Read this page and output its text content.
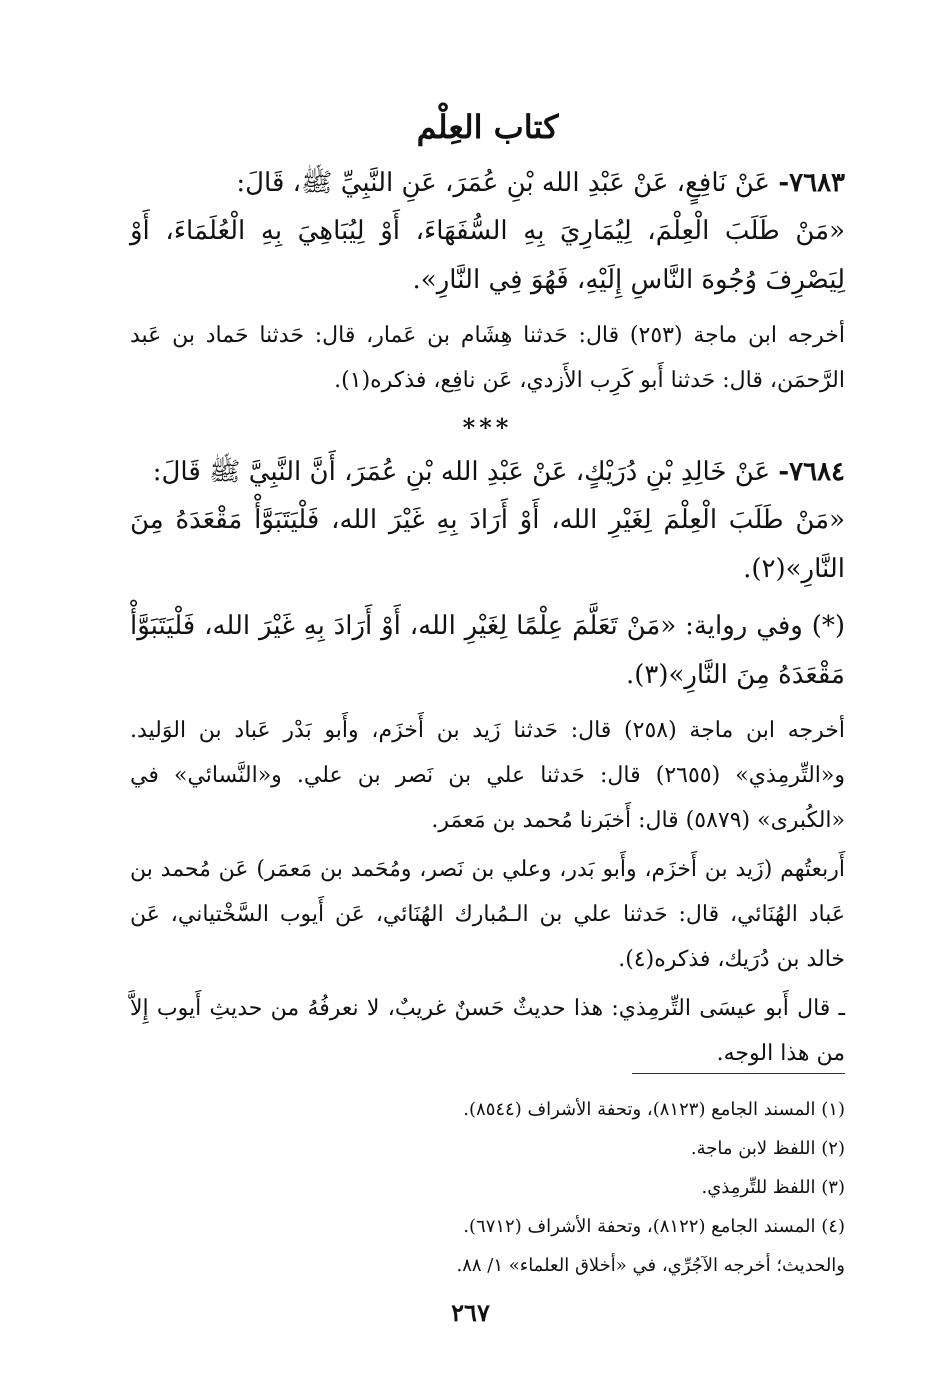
كتاب العِلْم

٧٦٨٣- عَنْ نَافِعٍ، عَنْ عَبْدِ الله بْنِ عُمَرَ، عَنِ النَّبِيِّ ﷺ، قَالَ:

«مَنْ طَلَبَ الْعِلْمَ، لِيُمَارِيَ بِهِ السُّفَهَاءَ، أَوْ لِيُبَاهِيَ بِهِ الْعُلَمَاءَ، أَوْ لِيَصْرِفَ وُجُوهَ النَّاسِ إِلَيْهِ، فَهُوَ فِي النَّارِ».

أخرجه ابن ماجة (٢٥٣) قال: حَدثنا هِشَام بن عَمار، قال: حَدثنا حَماد بن عَبد الرَّحمَن، قال: حَدثنا أَبو كَرِب الأَزدي، عَن نافِع، فذكره(١).

***

٧٦٨٤- عَنْ خَالِدِ بْنِ دُرَيْكٍ، عَنْ عَبْدِ الله بْنِ عُمَرَ، أَنَّ النَّبِيَّ ﷺ قَالَ:

«مَنْ طَلَبَ الْعِلْمَ لِغَيْرِ الله، أَوْ أَرَادَ بِهِ غَيْرَ الله، فَلْيَتَبَوَّأْ مَقْعَدَهُ مِنَ النَّارِ»(٢).

(*) وفي رواية: «مَنْ تَعَلَّمَ عِلْمًا لِغَيْرِ الله، أَوْ أَرَادَ بِهِ غَيْرَ الله، فَلْيَتَبَوَّأْ مَقْعَدَهُ مِنَ النَّارِ»(٣).

أخرجه ابن ماجة (٢٥٨) قال: حَدثنا زَيد بن أَخزَم، وأَبو بَدْر عَباد بن الوَليد. و«التِّرمِذي» (٢٦٥٥) قال: حَدثنا علي بن نَصر بن علي. و«النَّسائي» في «الكُبرى» (٥٨٧٩) قال: أَخبَرنا مُحمد بن مَعمَر.

أَربعتُهم (زَيد بن أَخزَم، وأَبو بَدر، وعلي بن نَصر، ومُحَمد بن مَعمَر) عَن مُحمد بن عَباد الهُنَائي، قال: حَدثنا علي بن الـمُبارك الهُنَائي، عَن أَيوب السَّخْتياني، عَن خالد بن دُرَيك، فذكره(٤).

ـ قال أَبو عيسَى التِّرمِذي: هذا حديثٌ حَسنٌ غريبٌ، لا نعرفُهُ من حديثِ أَيوب إِلاَّ من هذا الوجه.

(١) المسند الجامع (٨١٢٣)، وتحفة الأشراف (٨٥٤٤).

(٢) اللفظ لابن ماجة.

(٣) اللفظ للتِّرمِذي.

(٤) المسند الجامع (٨١٢٢)، وتحفة الأشراف (٦٧١٢).

والحديث؛ أخرجه الآجُرِّي، في «أخلاق العلماء» ١/ ٨٨.

٢٦٧
